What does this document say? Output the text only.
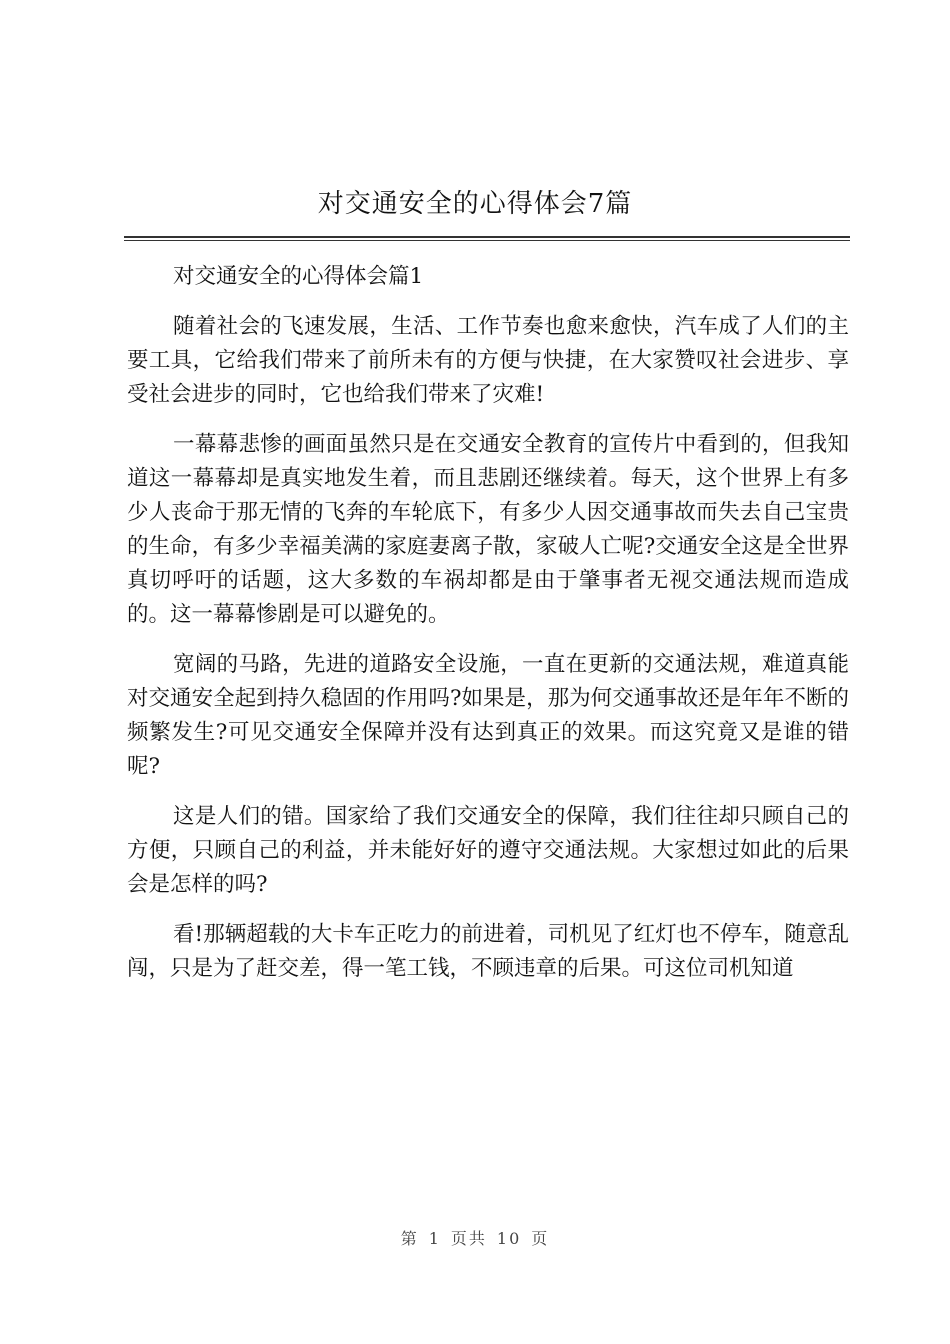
对交通安全的心得体会7篇

对交通安全的心得体会篇1

随着社会的飞速发展，生活、工作节奏也愈来愈快，汽车成了人们的主要工具，它给我们带来了前所未有的方便与快捷，在大家赞叹社会进步、享受社会进步的同时，它也给我们带来了灾难!

一幕幕悲惨的画面虽然只是在交通安全教育的宣传片中看到的，但我知道这一幕幕却是真实地发生着，而且悲剧还继续着。每天，这个世界上有多少人丧命于那无情的飞奔的车轮底下，有多少人因交通事故而失去自己宝贵的生命，有多少幸福美满的家庭妻离子散，家破人亡呢?交通安全这是全世界真切呼吁的话题，这大多数的车祸却都是由于肇事者无视交通法规而造成的。这一幕幕惨剧是可以避免的。

宽阔的马路，先进的道路安全设施，一直在更新的交通法规，难道真能对交通安全起到持久稳固的作用吗?如果是，那为何交通事故还是年年不断的频繁发生?可见交通安全保障并没有达到真正的效果。而这究竟又是谁的错呢?

这是人们的错。国家给了我们交通安全的保障，我们往往却只顾自己的方便，只顾自己的利益，并未能好好的遵守交通法规。大家想过如此的后果会是怎样的吗?

看!那辆超载的大卡车正吃力的前进着，司机见了红灯也不停车，随意乱闯，只是为了赶交差，得一笔工钱，不顾违章的后果。可这位司机知道

第 1 页共 10 页
